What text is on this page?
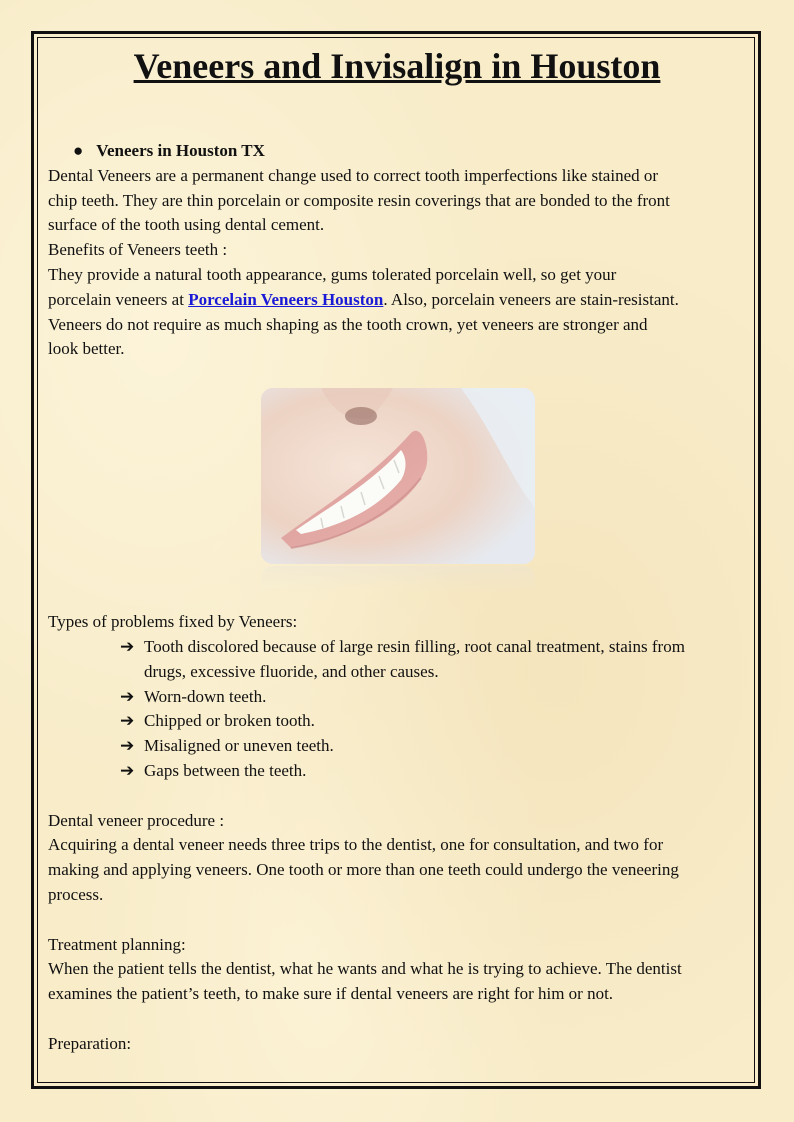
Veneers and Invisalign in Houston
● Veneers in Houston TX
Dental Veneers are a permanent change used to correct tooth imperfections like stained or
chip teeth. They are thin porcelain or composite resin coverings that are bonded to the front
surface of the tooth using dental cement.
Benefits of Veneers teeth :
They provide a natural tooth appearance, gums tolerated porcelain well, so get your
porcelain veneers at Porcelain Veneers Houston. Also, porcelain veneers are stain-resistant.
Veneers do not require as much shaping as the tooth crown, yet veneers are stronger and
look better.
Types of problems fixed by Veneers:
➔ Tooth discolored because of large resin filling, root canal treatment, stains from
drugs, excessive fluoride, and other causes.
➔ Worn-down teeth.
➔ Chipped or broken tooth.
➔ Misaligned or uneven teeth.
➔ Gaps between the teeth.
Dental veneer procedure :
Acquiring a dental veneer needs three trips to the dentist, one for consultation, and two for
making and applying veneers. One tooth or more than one teeth could undergo the veneering
process.
Treatment planning:
When the patient tells the dentist, what he wants and what he is trying to achieve. The dentist
examines the patient’s teeth, to make sure if dental veneers are right for him or not.
Preparation:
